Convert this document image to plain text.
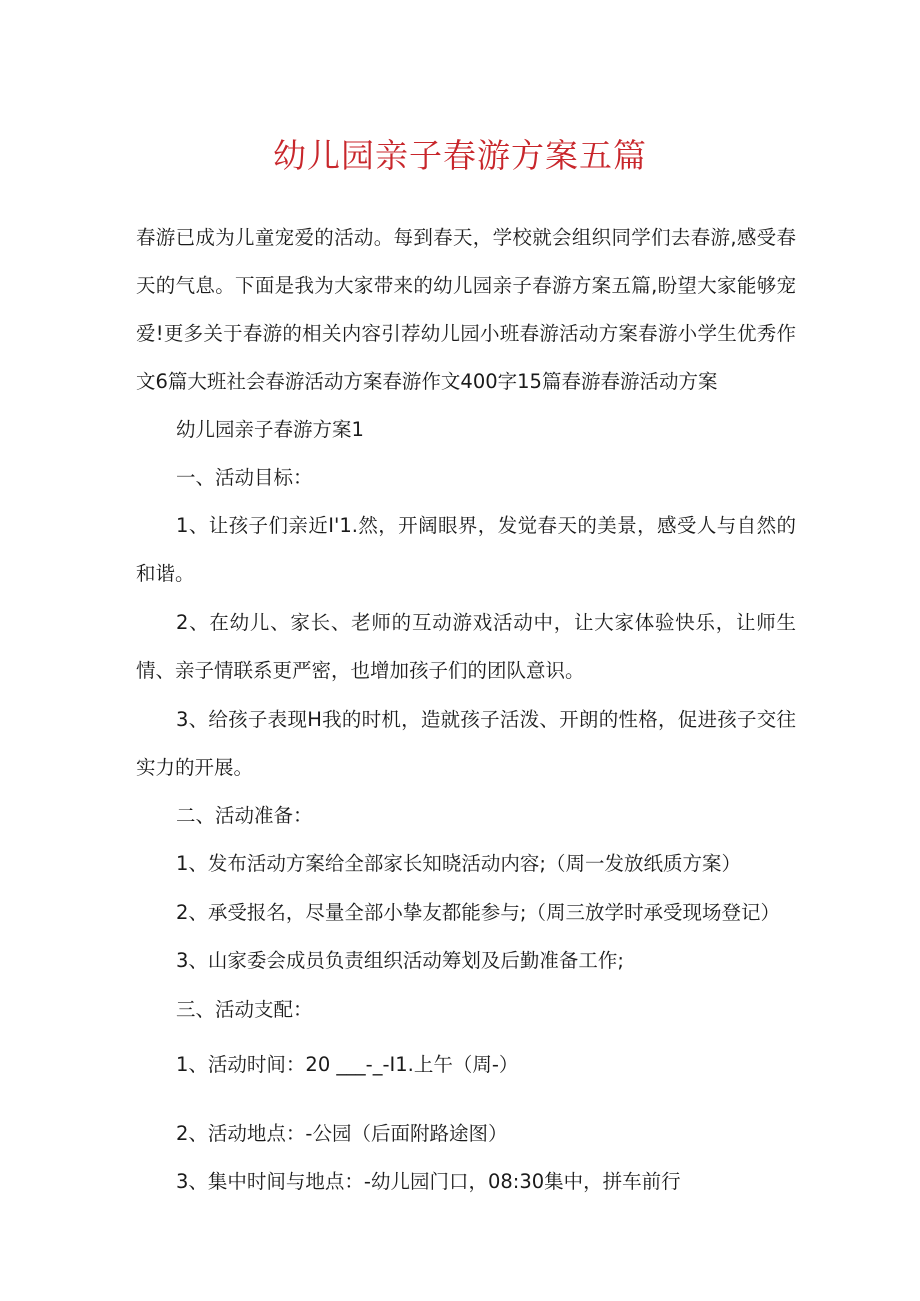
幼儿园亲子春游方案五篇

春游已成为儿童宠爱的活动。每到春天，学校就会组织同学们去春游,感受春天的气息。下面是我为大家带来的幼儿园亲子春游方案五篇,盼望大家能够宠爱!更多关于春游的相关内容引荐幼儿园小班春游活动方案春游小学生优秀作文6篇大班社会春游活动方案春游作文400字15篇春游春游活动方案

幼儿园亲子春游方案1

一、活动目标：

1、让孩子们亲近I'1.然，开阔眼界，发觉春天的美景，感受人与自然的和谐。

2、在幼儿、家长、老师的互动游戏活动中，让大家体验快乐，让师生情、亲子情联系更严密，也增加孩子们的团队意识。

3、给孩子表现H我的时机，造就孩子活泼、开朗的性格，促进孩子交往实力的开展。

二、活动准备：

1、发布活动方案给全部家长知晓活动内容;（周一发放纸质方案）

2、承受报名，尽量全部小挚友都能参与;（周三放学时承受现场登记）

3、山家委会成员负责组织活动筹划及后勤准备工作;

三、活动支配：

1、活动时间：20 ___-_-I1.上午（周-）

2、活动地点：-公园（后面附路途图）

3、集中时间与地点：-幼儿园门口，08:30集中，拼车前行
